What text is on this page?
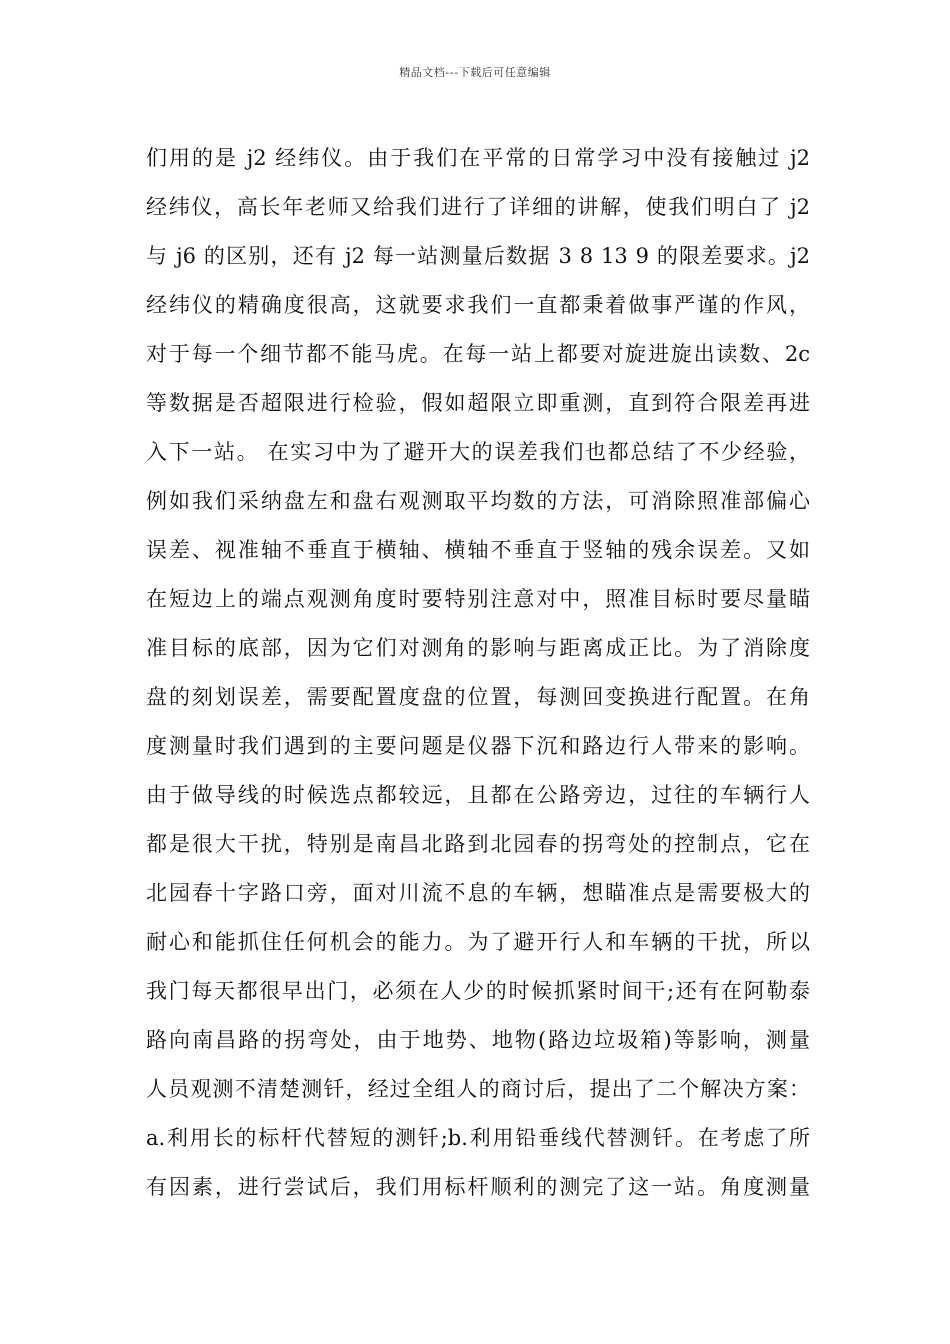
精品文档---下载后可任意编辑
们用的是 j2 经纬仪。由于我们在平常的日常学习中没有接触过 j2
经纬仪，高长年老师又给我们进行了详细的讲解，使我们明白了 j2
与 j6 的区别，还有 j2 每一站测量后数据 3 8 13 9 的限差要求。j2
经纬仪的精确度很高，这就要求我们一直都秉着做事严谨的作风，
对于每一个细节都不能马虎。在每一站上都要对旋进旋出读数、2c
等数据是否超限进行检验，假如超限立即重测，直到符合限差再进
入下一站。 在实习中为了避开大的误差我们也都总结了不少经验，
例如我们采纳盘左和盘右观测取平均数的方法，可消除照准部偏心
误差、视准轴不垂直于横轴、横轴不垂直于竖轴的残余误差。又如
在短边上的端点观测角度时要特别注意对中，照准目标时要尽量瞄
准目标的底部，因为它们对测角的影响与距离成正比。为了消除度
盘的刻划误差，需要配置度盘的位置，每测回变换进行配置。在角
度测量时我们遇到的主要问题是仪器下沉和路边行人带来的影响。
由于做导线的时候选点都较远，且都在公路旁边，过往的车辆行人
都是很大干扰，特别是南昌北路到北园春的拐弯处的控制点，它在
北园春十字路口旁，面对川流不息的车辆，想瞄准点是需要极大的
耐心和能抓住任何机会的能力。为了避开行人和车辆的干扰，所以
我门每天都很早出门，必须在人少的时候抓紧时间干;还有在阿勒泰
路向南昌路的拐弯处，由于地势、地物(路边垃圾箱)等影响，测量
人员观测不清楚测钎，经过全组人的商讨后，提出了二个解决方案：
a.利用长的标杆代替短的测钎;b.利用铅垂线代替测钎。在考虑了所
有因素，进行尝试后，我们用标杆顺利的测完了这一站。角度测量
